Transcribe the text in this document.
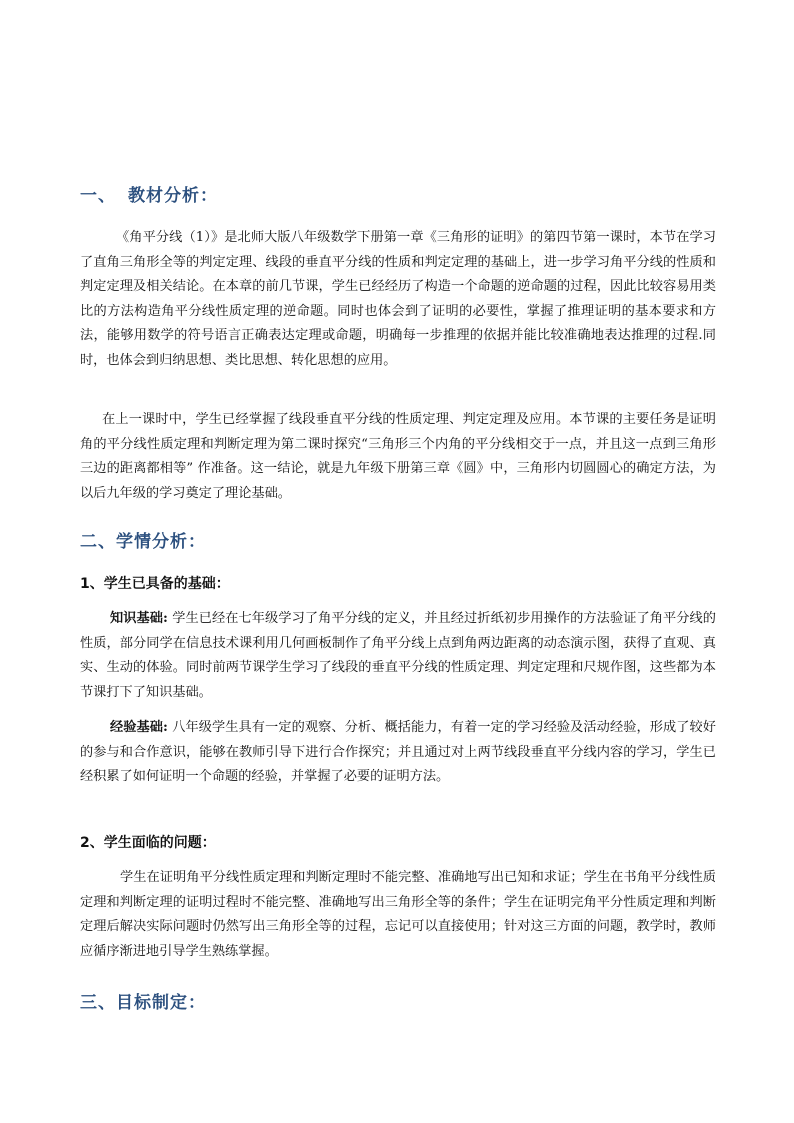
一、 教材分析：

《角平分线（1）》是北师大版八年级数学下册第一章《三角形的证明》的第四节第一课时，本节在学习了直角三角形全等的判定定理、线段的垂直平分线的性质和判定定理的基础上，进一步学习角平分线的性质和判定定理及相关结论。在本章的前几节课，学生已经经历了构造一个命题的逆命题的过程，因此比较容易用类比的方法构造角平分线性质定理的逆命题。同时也体会到了证明的必要性，掌握了推理证明的基本要求和方法，能够用数学的符号语言正确表达定理或命题，明确每一步推理的依据并能比较准确地表达推理的过程.同时，也体会到归纳思想、类比思想、转化思想的应用。

在上一课时中，学生已经掌握了线段垂直平分线的性质定理、判定定理及应用。本节课的主要任务是证明角的平分线性质定理和判断定理为第二课时探究“三角形三个内角的平分线相交于一点，并且这一点到三角形三边的距离都相等” 作准备。这一结论，就是九年级下册第三章《圆》中，三角形内切圆圆心的确定方法，为以后九年级的学习奠定了理论基础。

二、学情分析：
1、学生已具备的基础：

知识基础: 学生已经在七年级学习了角平分线的定义，并且经过折纸初步用操作的方法验证了角平分线的性质，部分同学在信息技术课利用几何画板制作了角平分线上点到角两边距离的动态演示图，获得了直观、真实、生动的体验。同时前两节课学生学习了线段的垂直平分线的性质定理、判定定理和尺规作图，这些都为本节课打下了知识基础。

经验基础: 八年级学生具有一定的观察、分析、概括能力，有着一定的学习经验及活动经验，形成了较好的参与和合作意识，能够在教师引导下进行合作探究；并且通过对上两节线段垂直平分线内容的学习，学生已经积累了如何证明一个命题的经验，并掌握了必要的证明方法。

2、学生面临的问题：

学生在证明角平分线性质定理和判断定理时不能完整、准确地写出已知和求证；学生在书角平分线性质定理和判断定理的证明过程时不能完整、准确地写出三角形全等的条件；学生在证明完角平分性质定理和判断定理后解决实际问题时仍然写出三角形全等的过程，忘记可以直接使用；针对这三方面的问题，教学时，教师应循序渐进地引导学生熟练掌握。

三、目标制定：
